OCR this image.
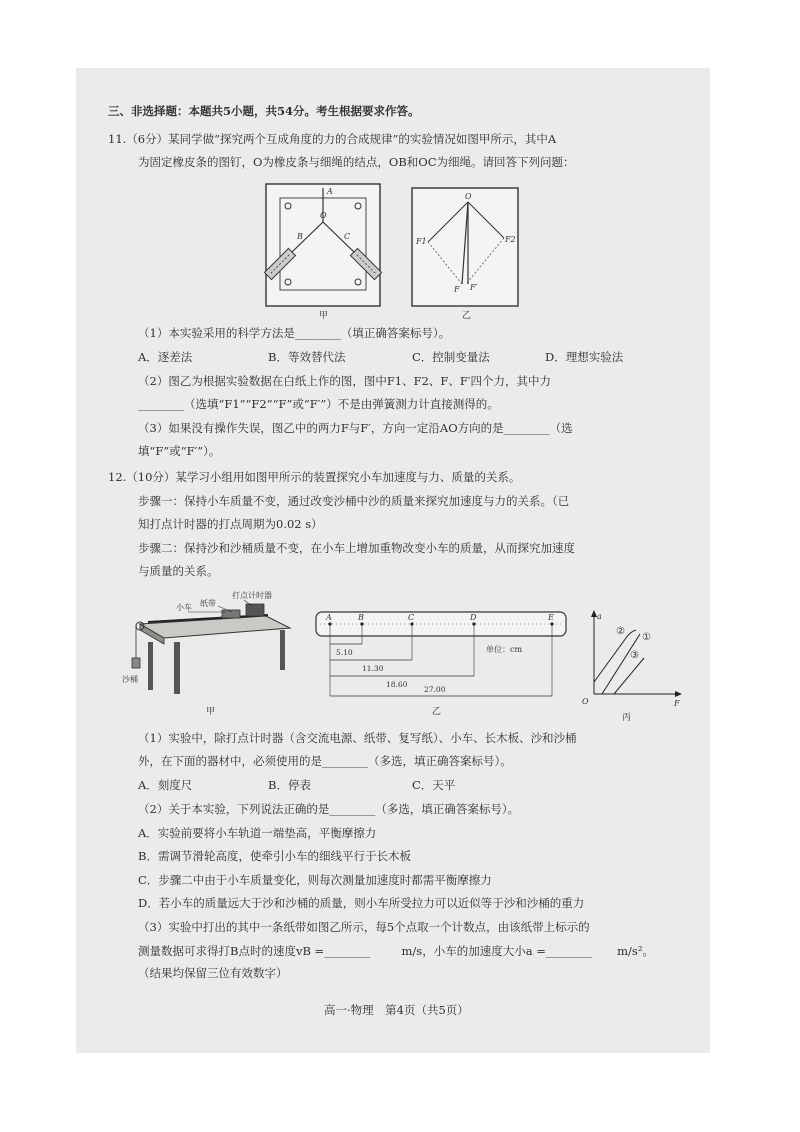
三、非选择题：本题共5小题，共54分。考生根据要求作答。
11.（6分）某同学做“探究两个互成角度的力的合成规律”的实验情况如图甲所示，其中A
为固定橡皮条的图钉，O为橡皮条与细绳的结点，OB和OC为细绳。请回答下列问题：
A
O
B	C
甲
O
F1	F2
F F′
乙
（1）本实验采用的科学方法是________（填正确答案标号）。
A．逐差法	B．等效替代法	C．控制变量法	D．理想实验法
（2）图乙为根据实验数据在白纸上作的图，图中F1、F2、F、F′四个力，其中力
________（选填“F1”“F2”“F”或“F′”）不是由弹簧测力计直接测得的。
（3）如果没有操作失误，图乙中的两力F与F′，方向一定沿AO方向的是________（选
填“F”或“F′”）。
12.（10分）某学习小组用如图甲所示的装置探究小车加速度与力、质量的关系。
步骤一：保持小车质量不变，通过改变沙桶中沙的质量来探究加速度与力的关系。（已
知打点计时器的打点周期为0.02 s）
步骤二：保持沙和沙桶质量不变，在小车上增加重物改变小车的质量，从而探究加速度
与质量的关系。
小车 纸带
打点计时器
沙桶
甲
A	B	C	D	E
5.10
11.30
18.60
27.00
单位：cm
乙
a
F
O
②
①
③
丙
（1）实验中，除打点计时器（含交流电源、纸带、复写纸）、小车、长木板、沙和沙桶
外，在下面的器材中，必须使用的是________（多选，填正确答案标号）。
A．刻度尺	B．停表	C．天平
（2）关于本实验，下列说法正确的是________（多选，填正确答案标号）。
A．实验前要将小车轨道一端垫高，平衡摩擦力
B．需调节滑轮高度，使牵引小车的细线平行于长木板
C．步骤二中由于小车质量变化，则每次测量加速度时都需平衡摩擦力
D．若小车的质量远大于沙和沙桶的质量，则小车所受拉力可以近似等于沙和沙桶的重力
（3）实验中打出的其中一条纸带如图乙所示，每5个点取一个计数点，由该纸带上标示的
测量数据可求得打B点时的速度vB =________	m/s，小车的加速度大小a =________ m/s²。
（结果均保留三位有效数字）
高一·物理　第4页（共5页）
